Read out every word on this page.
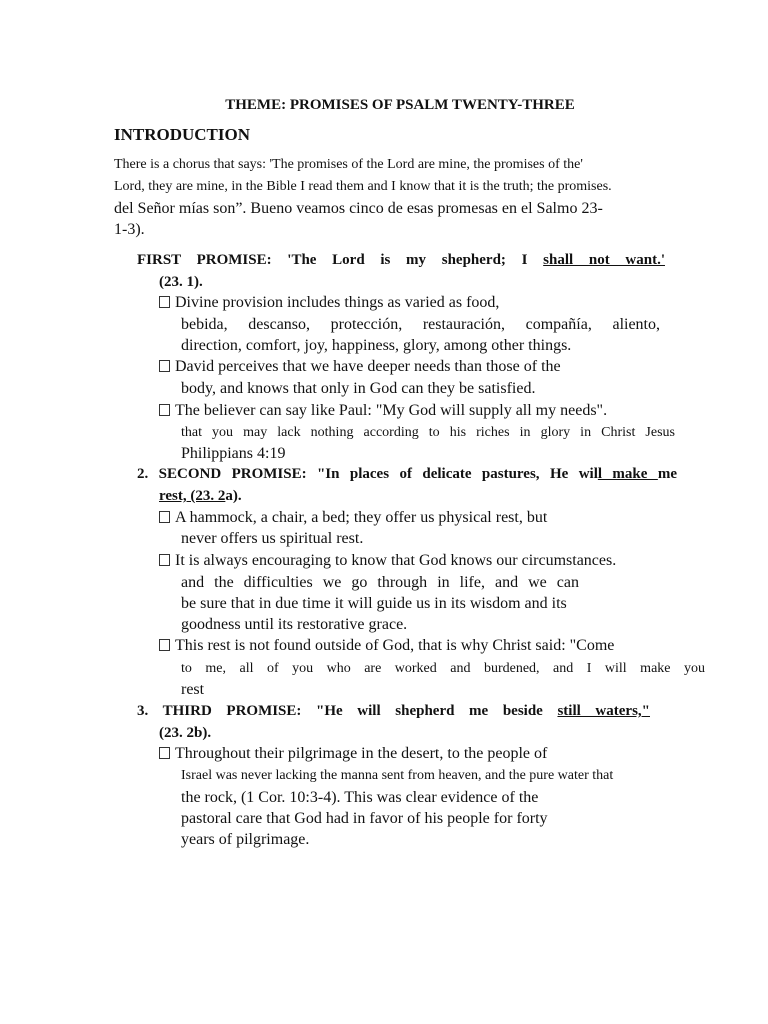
THEME: PROMISES OF PSALM TWENTY-THREE
INTRODUCTION
There is a chorus that says: 'The promises of the Lord are mine, the promises of the'
Lord, they are mine, in the Bible I read them and I know that it is the truth; the promises.
del Señor mías son”. Bueno veamos cinco de esas promesas en el Salmo 23-
1-3).
FIRST PROMISE: 'The Lord is my shepherd; I shall not want.'
(23. 1).
Divine provision includes things as varied as food,
bebida, descanso, protección, restauración, compañía, aliento,
direction, comfort, joy, happiness, glory, among other things.
David perceives that we have deeper needs than those of the
body, and knows that only in God can they be satisfied.
The believer can say like Paul: "My God will supply all my needs".
that you may lack nothing according to his riches in glory in Christ Jesus
Philippians 4:19
2. SECOND PROMISE: "In places of delicate pastures, He will make me
rest, (23. 2a).
A hammock, a chair, a bed; they offer us physical rest, but
never offers us spiritual rest.
It is always encouraging to know that God knows our circumstances.
and the difficulties we go through in life, and we can
be sure that in due time it will guide us in its wisdom and its
goodness until its restorative grace.
This rest is not found outside of God, that is why Christ said: "Come
to me, all of you who are worked and burdened, and I will make you
rest
3. THIRD PROMISE: "He will shepherd me beside still waters,"
(23. 2b).
Throughout their pilgrimage in the desert, to the people of
Israel was never lacking the manna sent from heaven, and the pure water that
the rock, (1 Cor. 10:3-4). This was clear evidence of the
pastoral care that God had in favor of his people for forty
years of pilgrimage.
